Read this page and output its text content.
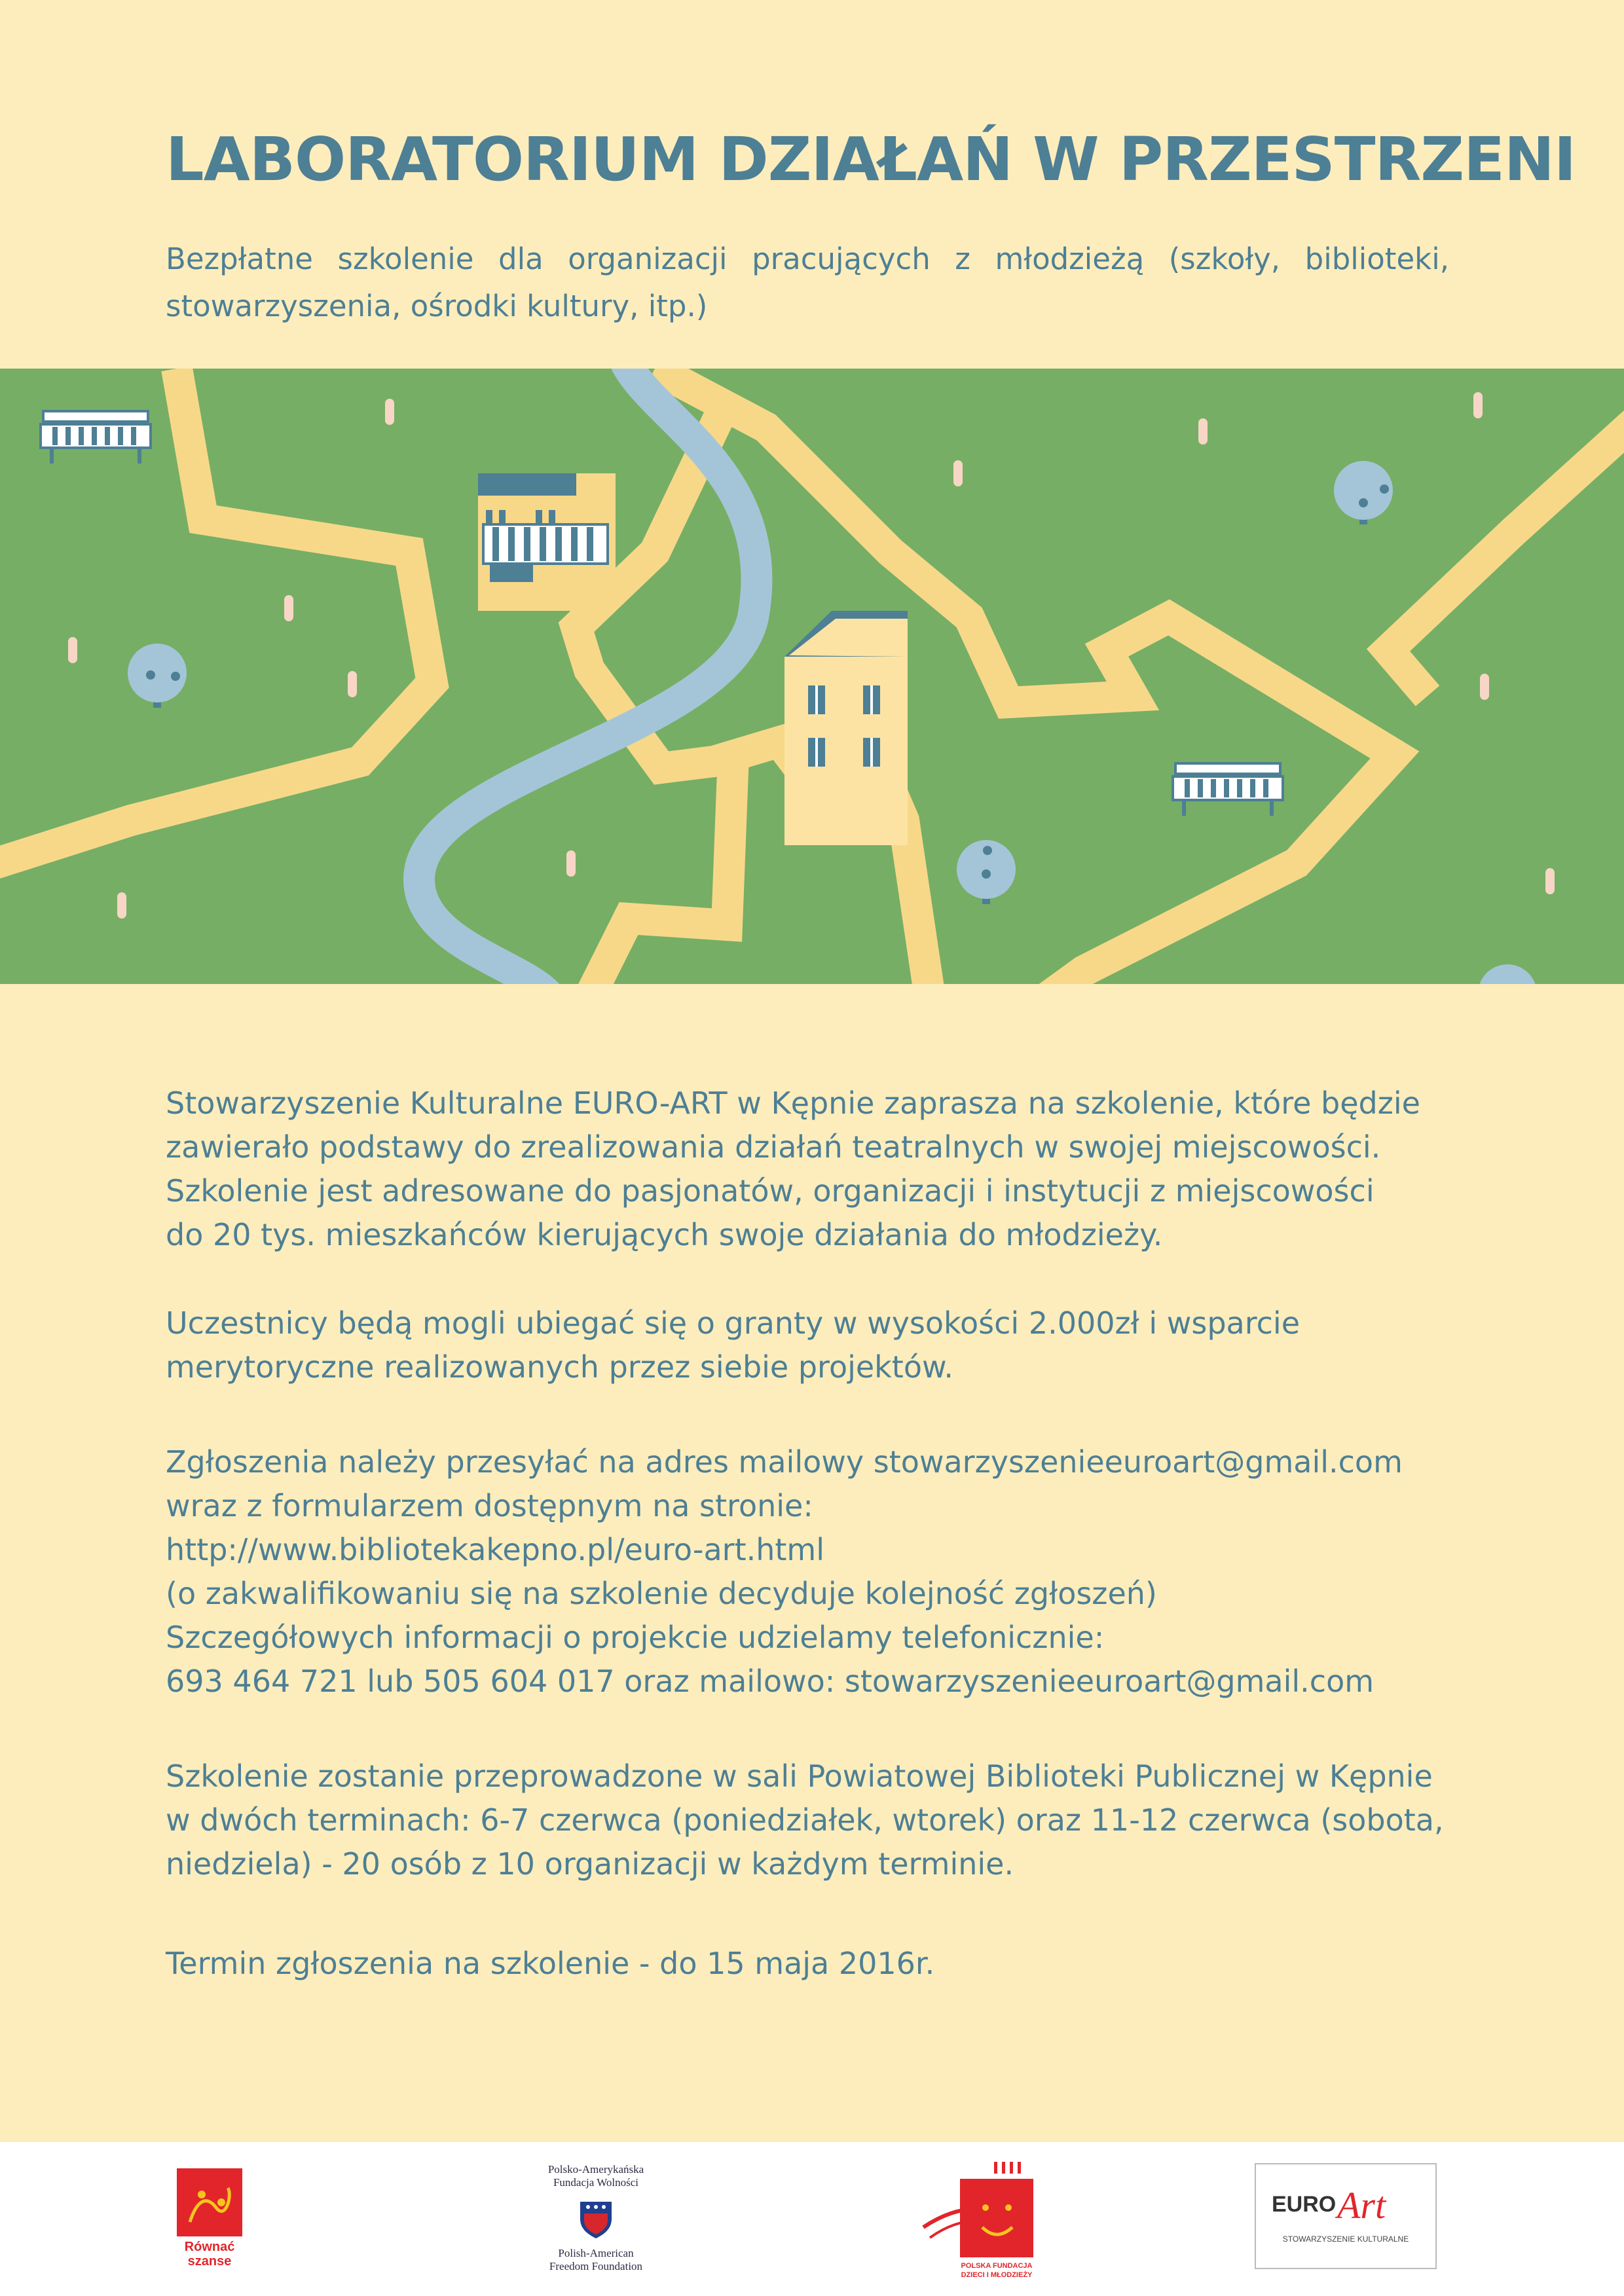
LABORATORIUM DZIAŁAŃ W PRZESTRZENI

Bezpłatne szkolenie dla organizacji pracujących z młodzieżą (szkoły, biblioteki, stowarzyszenia, ośrodki kultury, itp.)

Stowarzyszenie Kulturalne EURO-ART w Kępnie zaprasza na szkolenie, które będzie
zawierało podstawy do zrealizowania działań teatralnych w swojej miejscowości.
Szkolenie jest adresowane do pasjonatów, organizacji i instytucji z miejscowości
do 20 tys. mieszkańców kierujących swoje działania do młodzieży.

Uczestnicy będą mogli ubiegać się o granty w wysokości 2.000zł i wsparcie
merytoryczne realizowanych przez siebie projektów.

Zgłoszenia należy przesyłać na adres mailowy stowarzyszenieeuroart@gmail.com
wraz z formularzem dostępnym na stronie:
http://www.bibliotekakepno.pl/euro-art.html
(o zakwalifikowaniu się na szkolenie decyduje kolejność zgłoszeń)
Szczegółowych informacji o projekcie udzielamy telefonicznie:
693 464 721 lub 505 604 017 oraz mailowo: stowarzyszenieeuroart@gmail.com

Szkolenie zostanie przeprowadzone w sali Powiatowej Biblioteki Publicznej w Kępnie
w dwóch terminach: 6-7 czerwca (poniedziałek, wtorek) oraz 11-12 czerwca (sobota,
niedziela) - 20 osób z 10 organizacji w każdym terminie.

Termin zgłoszenia na szkolenie - do 15 maja 2016r.

Równać
szanse
Polsko-Amerykańska
Fundacja Wolności
Polish-American
Freedom Foundation	POLSKA FUNDACJA
DZIECI I MŁODZIEŻY
EURO Art
STOWARZYSZENIE KULTURALNE
